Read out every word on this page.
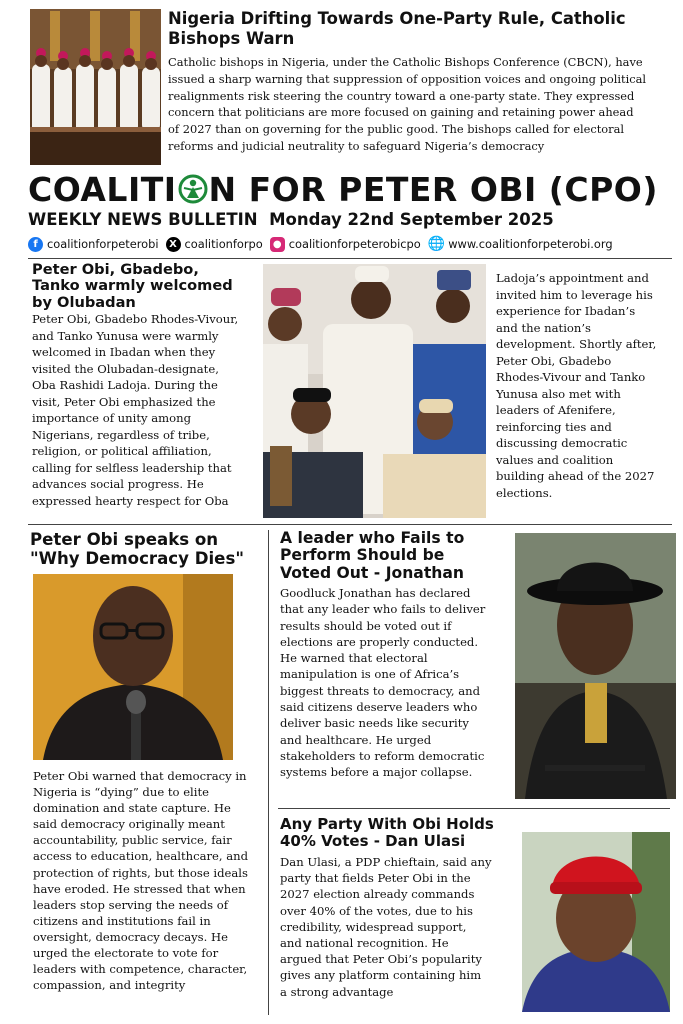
Nigeria Drifting Towards One-Party Rule, Catholic Bishops Warn
Catholic bishops in Nigeria, under the Catholic Bishops Conference (CBCN), have
issued a sharp warning that suppression of opposition voices and ongoing political
realignments risk steering the country toward a one-party state. They expressed
concern that politicians are more focused on gaining and retaining power ahead
of 2027 than on governing for the public good. The bishops called for electoral
reforms and judicial neutrality to safeguard Nigeria’s democracy
COALITI N FOR PETER OBI (CPO)
WEEKLY NEWS BULLETIN Monday 22nd September 2025
f coalitionforpeterobi	X coalitionforpo	● coalitionforpeterobicpo 🌐 www.coalitionforpeterobi.org
Peter Obi, Gbadebo,
Tanko warmly welcomed
by Olubadan
Peter Obi, Gbadebo Rhodes-Vivour,
and Tanko Yunusa were warmly
welcomed in Ibadan when they
visited the Olubadan-designate,
Oba Rashidi Ladoja. During the
visit, Peter Obi emphasized the
importance of unity among
Nigerians, regardless of tribe,
religion, or political affiliation,
calling for selfless leadership that
advances social progress. He
expressed hearty respect for Oba
Ladoja’s appointment and
invited him to leverage his
experience for Ibadan’s
and the nation’s
development. Shortly after,
Peter Obi, Gbadebo
Rhodes-Vivour and Tanko
Yunusa also met with
leaders of Afenifere,
reinforcing ties and
discussing democratic
values and coalition
building ahead of the 2027
elections.
Peter Obi speaks on
"Why Democracy Dies"
Peter Obi warned that democracy in
Nigeria is “dying” due to elite
domination and state capture. He
said democracy originally meant
accountability, public service, fair
access to education, healthcare, and
protection of rights, but those ideals
have eroded. He stressed that when
leaders stop serving the needs of
citizens and institutions fail in
oversight, democracy decays. He
urged the electorate to vote for
leaders with competence, character,
compassion, and integrity
A leader who Fails to
Perform Should be
Voted Out - Jonathan
Goodluck Jonathan has declared
that any leader who fails to deliver
results should be voted out if
elections are properly conducted.
He warned that electoral
manipulation is one of Africa’s
biggest threats to democracy, and
said citizens deserve leaders who
deliver basic needs like security
and healthcare. He urged
stakeholders to reform democratic
systems before a major collapse.
Any Party With Obi Holds
40% Votes - Dan Ulasi
Dan Ulasi, a PDP chieftain, said any
party that fields Peter Obi in the
2027 election already commands
over 40% of the votes, due to his
credibility, widespread support,
and national recognition. He
argued that Peter Obi’s popularity
gives any platform containing him
a strong advantage
